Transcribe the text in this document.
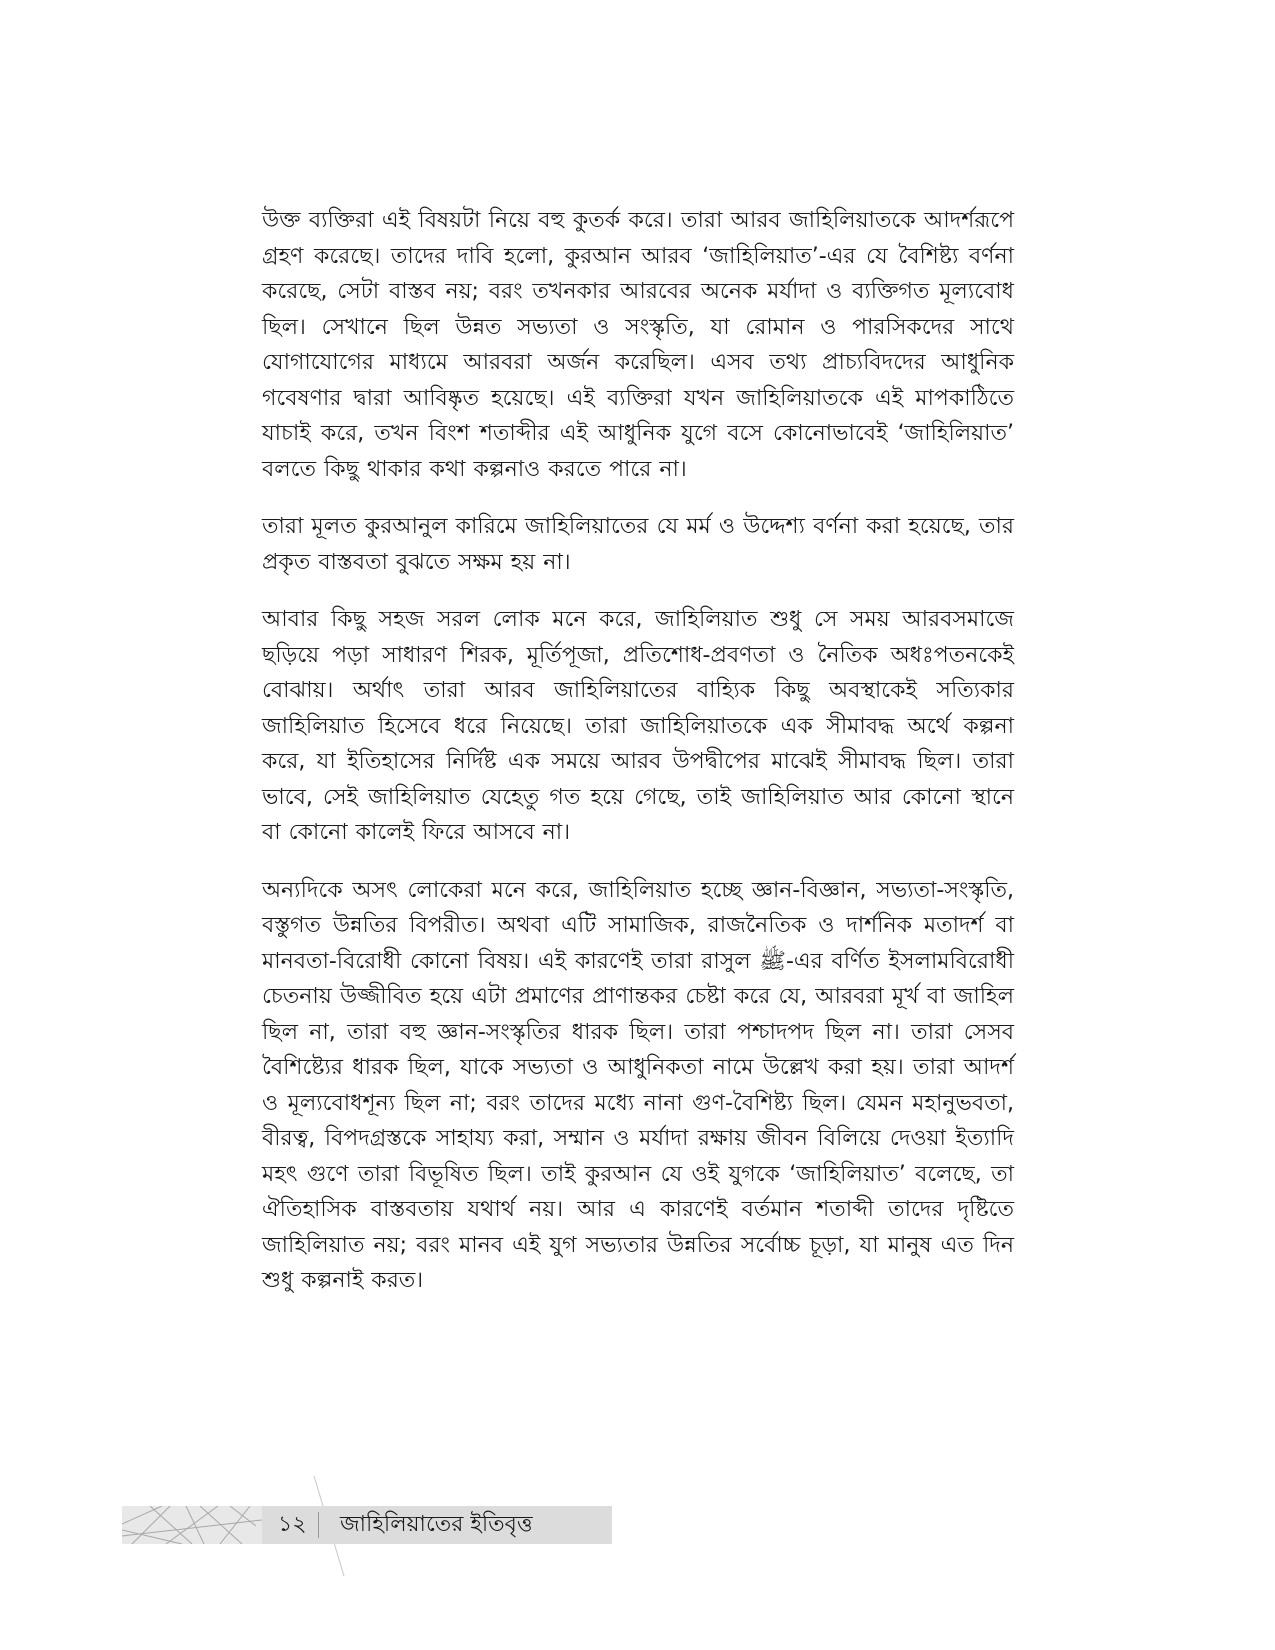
উক্ত ব্যক্তিরা এই বিষয়টা নিয়ে বহু কুতর্ক করে। তারা আরব জাহিলিয়াতকে আদর্শরূপে গ্রহণ করেছে। তাদের দাবি হলো, কুরআন আরব ‘জাহিলিয়াত’-এর যে বৈশিষ্ট্য বর্ণনা করেছে, সেটা বাস্তব নয়; বরং তখনকার আরবের অনেক মর্যাদা ও ব্যক্তিগত মূল্যবোধ ছিল। সেখানে ছিল উন্নত সভ্যতা ও সংস্কৃতি, যা রোমান ও পারসিকদের সাথে যোগাযোগের মাধ্যমে আরবরা অর্জন করেছিল। এসব তথ্য প্রাচ্যবিদদের আধুনিক গবেষণার দ্বারা আবিষ্কৃত হয়েছে। এই ব্যক্তিরা যখন জাহিলিয়াতকে এই মাপকাঠিতে যাচাই করে, তখন বিংশ শতাব্দীর এই আধুনিক যুগে বসে কোনোভাবেই ‘জাহিলিয়াত’ বলতে কিছু থাকার কথা কল্পনাও করতে পারে না।

তারা মূলত কুরআনুল কারিমে জাহিলিয়াতের যে মর্ম ও উদ্দেশ্য বর্ণনা করা হয়েছে, তার প্রকৃত বাস্তবতা বুঝতে সক্ষম হয় না।

আবার কিছু সহজ সরল লোক মনে করে, জাহিলিয়াত শুধু সে সময় আরবসমাজে ছড়িয়ে পড়া সাধারণ শিরক, মূর্তিপূজা, প্রতিশোধ-প্রবণতা ও নৈতিক অধঃপতনকেই বোঝায়। অর্থাৎ তারা আরব জাহিলিয়াতের বাহ্যিক কিছু অবস্থাকেই সত্যিকার জাহিলিয়াত হিসেবে ধরে নিয়েছে। তারা জাহিলিয়াতকে এক সীমাবদ্ধ অর্থে কল্পনা করে, যা ইতিহাসের নির্দিষ্ট এক সময়ে আরব উপদ্বীপের মাঝেই সীমাবদ্ধ ছিল। তারা ভাবে, সেই জাহিলিয়াত যেহেতু গত হয়ে গেছে, তাই জাহিলিয়াত আর কোনো স্থানে বা কোনো কালেই ফিরে আসবে না।

অন্যদিকে অসৎ লোকেরা মনে করে, জাহিলিয়াত হচ্ছে জ্ঞান-বিজ্ঞান, সভ্যতা-সংস্কৃতি, বস্তুগত উন্নতির বিপরীত। অথবা এটি সামাজিক, রাজনৈতিক ও দার্শনিক মতাদর্শ বা মানবতা-বিরোধী কোনো বিষয়। এই কারণেই তারা রাসুল ﷺ-এর বর্ণিত ইসলামবিরোধী চেতনায় উজ্জীবিত হয়ে এটা প্রমাণের প্রাণান্তকর চেষ্টা করে যে, আরবরা মূর্খ বা জাহিল ছিল না, তারা বহু জ্ঞান-সংস্কৃতির ধারক ছিল। তারা পশ্চাদপদ ছিল না। তারা সেসব বৈশিষ্ট্যের ধারক ছিল, যাকে সভ্যতা ও আধুনিকতা নামে উল্লেখ করা হয়। তারা আদর্শ ও মূল্যবোধশূন্য ছিল না; বরং তাদের মধ্যে নানা গুণ-বৈশিষ্ট্য ছিল। যেমন মহানুভবতা, বীরত্ব, বিপদগ্রস্তকে সাহায্য করা, সম্মান ও মর্যাদা রক্ষায় জীবন বিলিয়ে দেওয়া ইত্যাদি মহৎ গুণে তারা বিভূষিত ছিল। তাই কুরআন যে ওই যুগকে ‘জাহিলিয়াত’ বলেছে, তা ঐতিহাসিক বাস্তবতায় যথার্থ নয়। আর এ কারণেই বর্তমান শতাব্দী তাদের দৃষ্টিতে জাহিলিয়াত নয়; বরং মানব এই যুগ সভ্যতার উন্নতির সর্বোচ্চ চূড়া, যা মানুষ এত দিন শুধু কল্পনাই করত।

১২ জাহিলিয়াতের ইতিবৃত্ত
